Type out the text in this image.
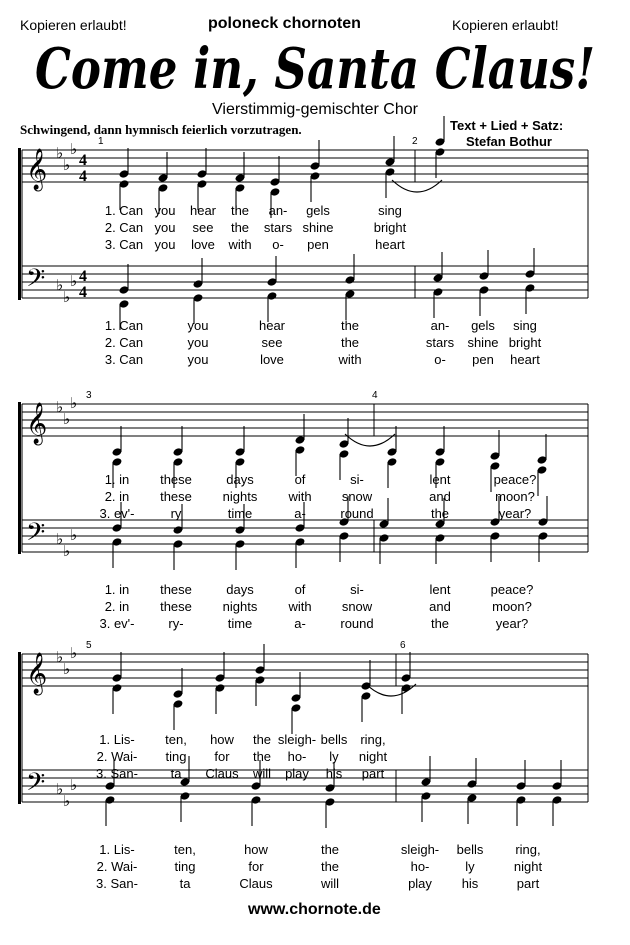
Kopieren erlaubt!	poloneck chornoten	Kopieren erlaubt!
Come in, Santa Claus!
Vierstimmig-gemischter Chor
Schwingend, dann hymnisch feierlich vorzutragen.	Text + Lied + Satz:
Stefan Bothur
𝄞
𝄢
♭
♭
♭
♭
♭
♭
4
4
4
4
1	2
1. Can you hear the an- gels	sing
2. Can you see the stars shine	bright
3. Can you love with o- pen	heart
1. Can	you	hear	the	an- gels sing
2. Can	you	see	the	stars shine bright
3. Can	you	love	with	o- pen heart
𝄞
𝄢
♭
♭
♭
♭
♭
♭
3	4
1. in these	days	of	si-	lent	peace?
2. in these nights with snow	and	moon?
3. ev'-	ry	time	a-	round	the	year?
1. in these	days	of	si-	lent	peace?
2. in these nights with snow	and	moon?
3. ev'-	ry-	time	a-	round	the	year?
𝄞
𝄢
♭
♭
♭
♭
♭
♭
5	6
1. Lis- ten, how the sleigh- bells ring,
2. Wai- ting for the ho- ly night
3. San-	ta Claus will play his part
1. Lis-	ten,	how	the	sleigh- bells ring,
2. Wai-	ting	for	the	ho-	ly	night
3. San-	ta	Claus	will	play his	part
www.chornote.de
